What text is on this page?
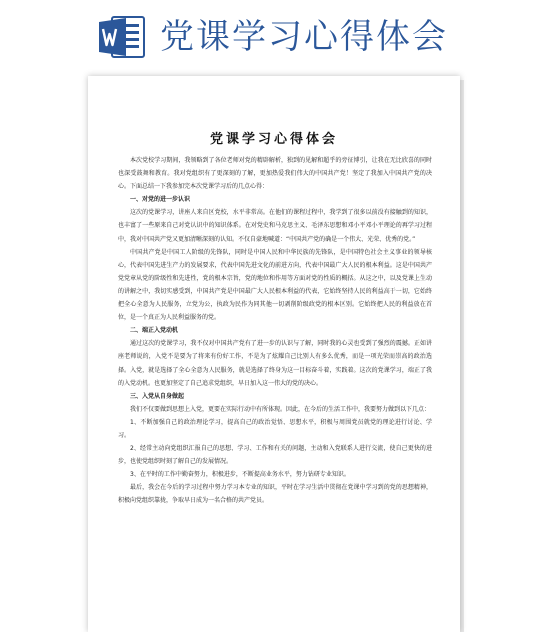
党课学习心得体会
党课学习心得体会

本次党校学习期间，我领略到了各位老师对党的精辟解析，独到的见解和超乎的旁征博引，让我在无比欣喜的同时也深受鼓舞和教育。我对党组织有了更深刻的了解，更加热爱我们伟大的中国共产党！坚定了我加入中国共产党的决心。下面总结一下我参加完本次党课学习后的几点心得：

一、对党的进一步认识

这次的党课学习，讲座人来自区党校，水平非常高。在他们的课程过程中，我学到了很多以前没有接触到的知识，也丰富了一些原来自己对党认识中的知识体系。在对党史和马克思主义、毛泽东思想和邓小平邓小平理论的再学习过程中，我对中国共产党又更加清晰深刻的认知。不仅自豪地喊道：“中国共产党的确是一个伟大、光荣、优秀的党。”

中国共产党是中国工人阶级的先锋队，同时是中国人民和中华民族的先锋队，是中国特色社会主义事业的领导核心，代表中国先进生产力的发展要求，代表中国先进文化的前进方向，代表中国最广大人民的根本利益。这是中国共产党党章从党的阶级性和先进性，党的根本宗旨，党的地位和作用等方面对党的性质的概括。从这之中，以及党课上生动的讲解之中，我切实感受到，中国共产党是中国最广大人民根本利益的代表，它始终坚持人民的利益高于一切，它始终把全心全意为人民服务，立党为公，执政为民作为同其他一切剥削阶级政党的根本区别。它始终把人民的利益放在首位，是一个真正为人民利益服务的党。

二、端正入党动机

通过这次的党课学习，我不仅对中国共产党有了进一步的认识与了解，同时我的心灵也受到了强烈的震撼。正如讲座老师说的，入党不是要为了将来有份好工作，不是为了炫耀自己比别人有多么优秀，而是一项光荣而崇高的政治选择。入党，就是选择了全心全意为人民服务，就是选择了终身为这一目标奋斗着，实践着。这次的党课学习，端正了我的入党动机。也更加坚定了自己追求党组织，早日加入这一伟大的党的决心。

三、入党从自身做起

我们不仅要做到思想上入党，更要在实际行动中有所体现。因此，在今后的生活工作中，我要努力做到以下几点：

1、不断加强自己的政治理论学习，提高自己的政治觉悟、思想水平，积极与周围党员就党的理论进行讨论、学习。

2、经常主动向党组织汇报自己的思想、学习、工作和有关的问题，主动和入党联系人进行交流，使自己更快的进步，也使党组织时刻了解自己的发展情况。

3、在平时的工作中勤奋努力，积极进步，不断提高业务水平，努力钻研专业知识。

最后，我会在今后的学习过程中努力学习本专业的知识，平时在学习生活中贯彻在党课中学习到的党的思想精神，积极向党组织靠拢，争取早日成为一名合格的共产党员。
